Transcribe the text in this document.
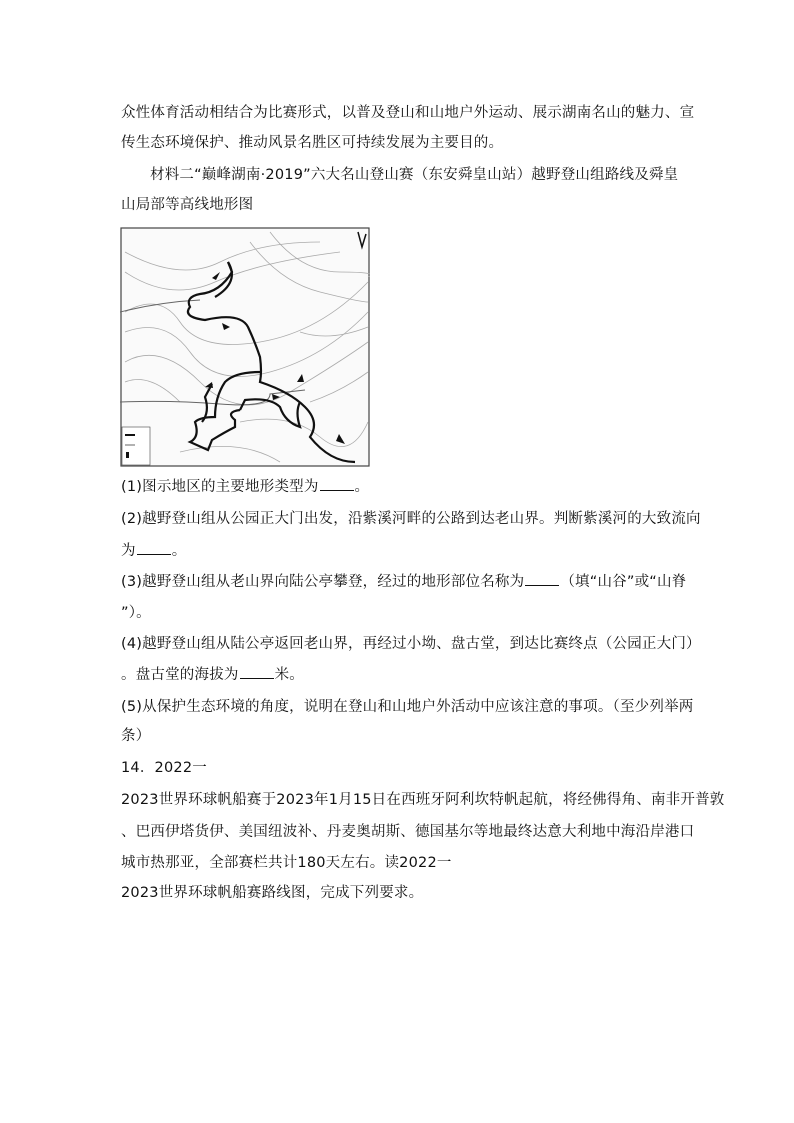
众性体育活动相结合为比赛形式，以普及登山和山地户外运动、展示湖南名山的魅力、宣
传生态环境保护、推动风景名胜区可持续发展为主要目的。
材料二“巅峰湖南·2019”六大名山登山赛（东安舜皇山站）越野登山组路线及舜皇
山局部等高线地形图
(1)图示地区的主要地形类型为 。
(2)越野登山组从公园正大门出发，沿紫溪河畔的公路到达老山界。判断紫溪河的大致流向
为 。
(3)越野登山组从老山界向陆公亭攀登，经过的地形部位名称为 （填“山谷”或“山脊
”）。
(4)越野登山组从陆公亭返回老山界，再经过小坳、盘古堂，到达比赛终点（公园正大门）
。盘古堂的海拔为 米。
(5)从保护生态环境的角度，说明在登山和山地户外活动中应该注意的事项。（至少列举两
条）
14．2022一
2023世界环球帆船赛于2023年1月15日在西班牙阿利坎特帆起航，将经佛得角、南非开普敦
、巴西伊塔货伊、美国纽波补、丹麦奥胡斯、德国基尔等地最终达意大利地中海沿岸港口
城市热那亚，全部赛栏共计180天左右。读2022一
2023世界环球帆船赛路线图，完成下列要求。
